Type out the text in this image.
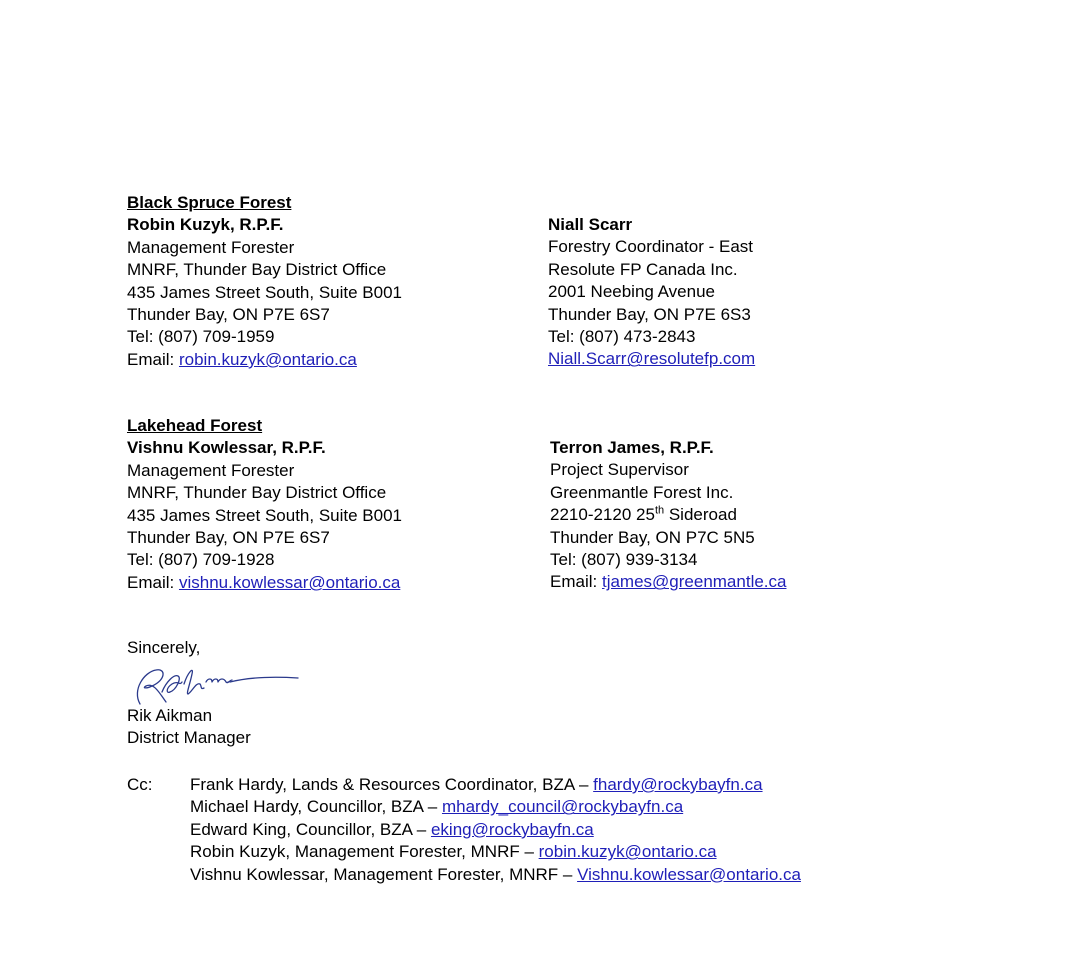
Black Spruce Forest
Robin Kuzyk, R.P.F.
Management Forester
MNRF, Thunder Bay District Office
435 James Street South, Suite B001
Thunder Bay, ON P7E 6S7
Tel: (807) 709-1959
Email: robin.kuzyk@ontario.ca
Niall Scarr
Forestry Coordinator - East
Resolute FP Canada Inc.
2001 Neebing Avenue
Thunder Bay, ON P7E 6S3
Tel: (807) 473-2843
Niall.Scarr@resolutefp.com
Lakehead Forest
Vishnu Kowlessar, R.P.F.
Management Forester
MNRF, Thunder Bay District Office
435 James Street South, Suite B001
Thunder Bay, ON P7E 6S7
Tel: (807) 709-1928
Email: vishnu.kowlessar@ontario.ca
Terron James, R.P.F.
Project Supervisor
Greenmantle Forest Inc.
2210-2120 25th Sideroad
Thunder Bay, ON P7C 5N5
Tel: (807) 939-3134
Email: tjames@greenmantle.ca
Sincerely,
Rik Aikman
District Manager
Cc: Frank Hardy, Lands & Resources Coordinator, BZA – fhardy@rockybayfn.ca
Michael Hardy, Councillor, BZA – mhardy_council@rockybayfn.ca
Edward King, Councillor, BZA – eking@rockybayfn.ca
Robin Kuzyk, Management Forester, MNRF – robin.kuzyk@ontario.ca
Vishnu Kowlessar, Management Forester, MNRF – Vishnu.kowlessar@ontario.ca
